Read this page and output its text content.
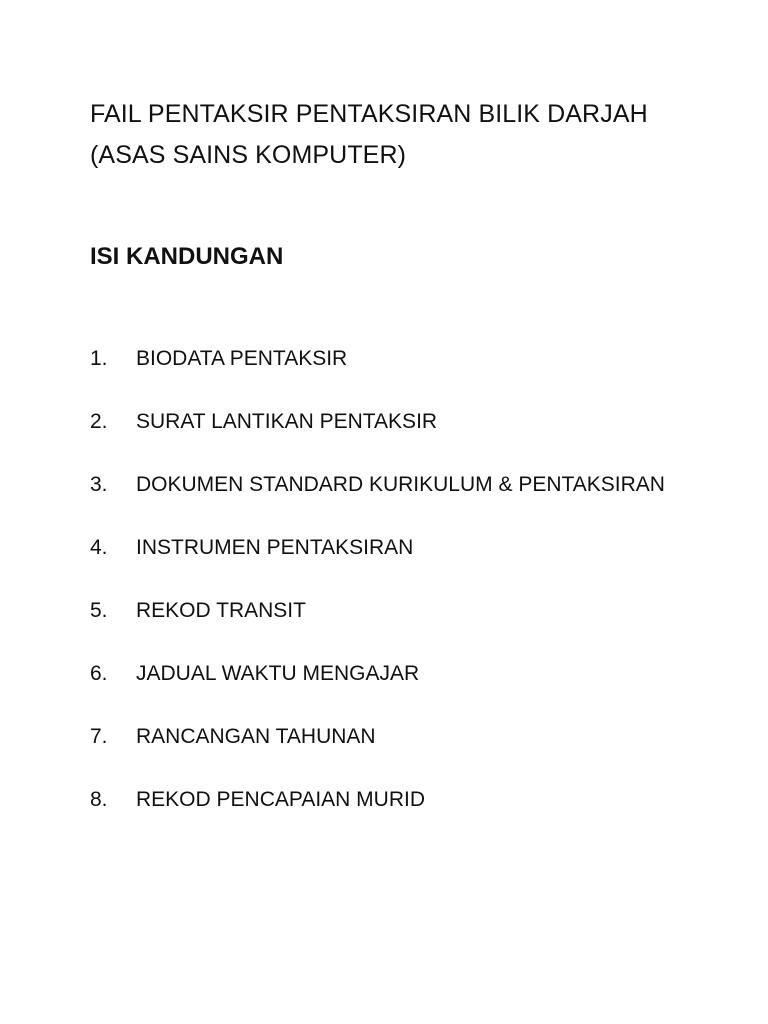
FAIL PENTAKSIR PENTAKSIRAN BILIK DARJAH
(ASAS SAINS KOMPUTER)
ISI KANDUNGAN
1.	BIODATA PENTAKSIR
2.	SURAT LANTIKAN PENTAKSIR
3.	DOKUMEN STANDARD KURIKULUM & PENTAKSIRAN
4.	INSTRUMEN PENTAKSIRAN
5.	REKOD TRANSIT
6.	JADUAL WAKTU MENGAJAR
7.	RANCANGAN TAHUNAN
8.	REKOD PENCAPAIAN MURID
